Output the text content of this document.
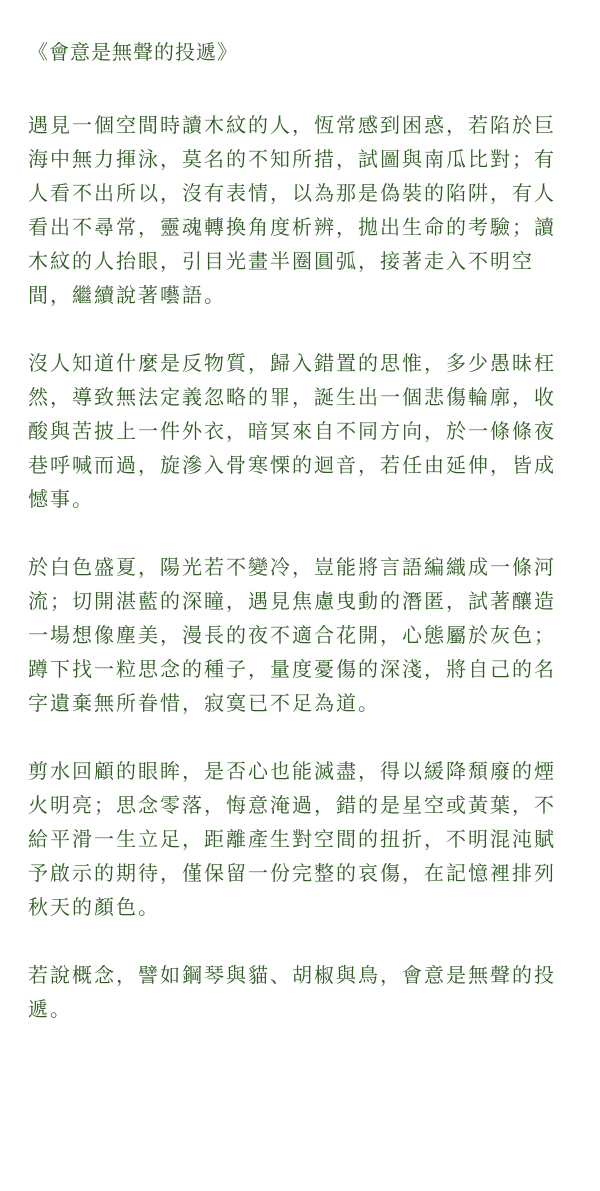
《會意是無聲的投遞》

遇見一個空間時讀木紋的人，恆常感到困惑，若陷於巨海中無力揮泳，莫名的不知所措，試圖與南瓜比對；有人看不出所以，沒有表情，以為那是偽裝的陷阱，有人看出不尋常，靈魂轉換角度析辨，拋出生命的考驗；讀木紋的人抬眼，引目光畫半圈圓弧，接著走入不明空間，繼續說著囈語。

沒人知道什麼是反物質，歸入錯置的思惟，多少愚昧枉然，導致無法定義忽略的罪，誕生出一個悲傷輪廓，收酸與苦披上一件外衣，暗冥來自不同方向，於一條條夜巷呼喊而過，旋滲入骨寒慄的迴音，若任由延伸，皆成憾事。

於白色盛夏，陽光若不變冷，豈能將言語編織成一條河流；切開湛藍的深瞳，遇見焦慮曳動的潛匿，試著釀造一場想像塵美，漫長的夜不適合花開，心態屬於灰色；蹲下找一粒思念的種子，量度憂傷的深淺，將自己的名字遺棄無所眷惜，寂寞已不足為道。

剪水回顧的眼眸，是否心也能滅盡，得以緩降頹廢的煙火明亮；思念零落，悔意淹過，錯的是星空或黃葉，不給平滑一生立足，距離產生對空間的扭折，不明混沌賦予啟示的期待，僅保留一份完整的哀傷，在記憶裡排列秋天的顏色。

若說概念，譬如鋼琴與貓、胡椒與鳥，會意是無聲的投遞。
